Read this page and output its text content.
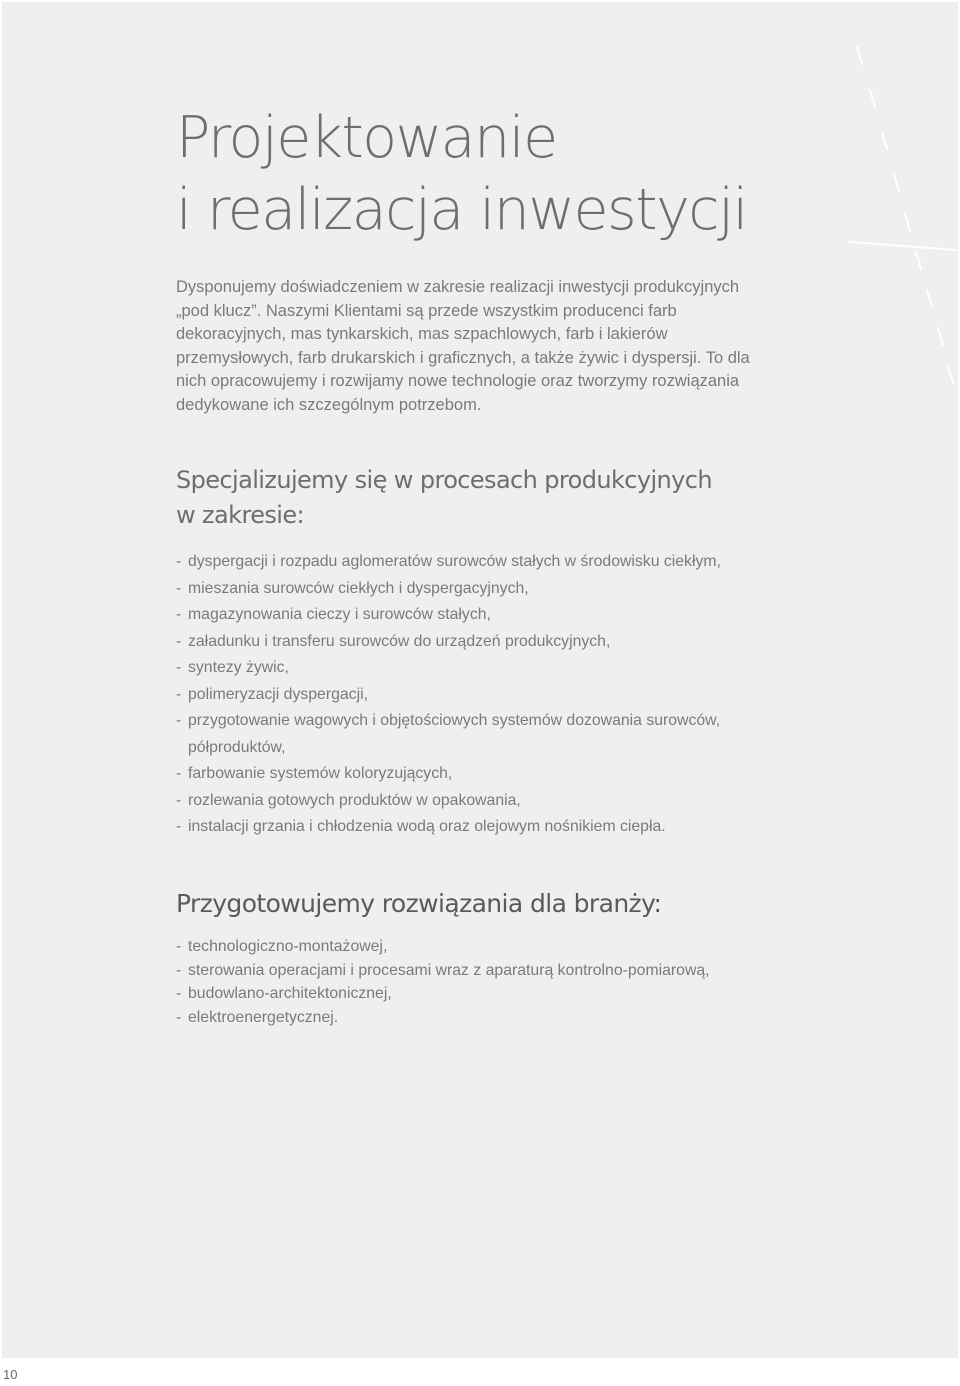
Projektowanie
i realizacja inwestycji

Dysponujemy doświadczeniem w zakresie realizacji inwestycji produkcyjnych
„pod klucz”. Naszymi Klientami są przede wszystkim producenci farb
dekoracyjnych, mas tynkarskich, mas szpachlowych, farb i lakierów
przemysłowych, farb drukarskich i graficznych, a także żywic i dyspersji. To dla
nich opracowujemy i rozwijamy nowe technologie oraz tworzymy rozwiązania
dedykowane ich szczególnym potrzebom.

Specjalizujemy się w procesach produkcyjnych
w zakresie:
- dyspergacji i rozpadu aglomeratów surowców stałych w środowisku ciekłym,
- mieszania surowców ciekłych i dyspergacyjnych,
- magazynowania cieczy i surowców stałych,
- załadunku i transferu surowców do urządzeń produkcyjnych,
- syntezy żywic,
- polimeryzacji dyspergacji,
- przygotowanie wagowych i objętościowych systemów dozowania surowców,
półproduktów,
- farbowanie systemów koloryzujących,
- rozlewania gotowych produktów w opakowania,
- instalacji grzania i chłodzenia wodą oraz olejowym nośnikiem ciepła.
Przygotowujemy rozwiązania dla branży:
- technologiczno-montażowej,
- sterowania operacjami i procesami wraz z aparaturą kontrolno-pomiarową,
- budowlano-architektonicznej,
- elektroenergetycznej.
10
